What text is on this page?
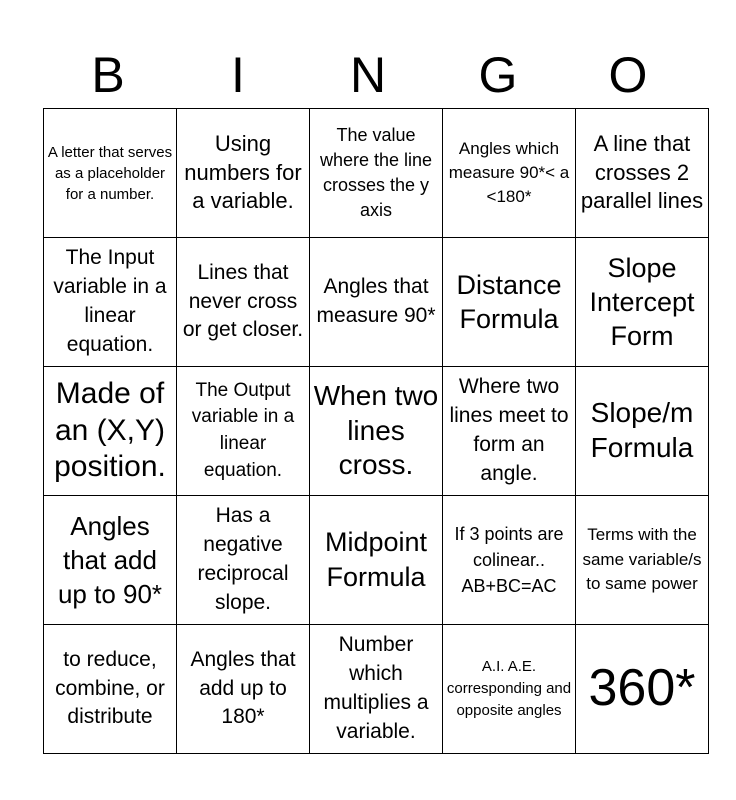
B	I	N	G	O
A letter that serves as a placeholder for a number.	Using numbers for a variable.	The value where the line crosses the y axis	Angles which measure 90*< a <180*	A line that crosses 2 parallel lines

The Input variable in a linear equation.	Lines that never cross or get closer.	Angles that measure 90*	Distance Formula	Slope Intercept Form

Made of an (X,Y) position.	The Output variable in a linear equation.	When two lines cross.	Where two lines meet to form an angle.	Slope/m Formula

Angles that add up to 90*	Has a negative reciprocal slope.	Midpoint Formula	If 3 points are colinear.. AB+BC=AC	Terms with the same variable/s to same power

to reduce, combine, or distribute	Angles that add up to 180*	Number which multiplies a variable.	A.I. A.E. corresponding and opposite angles	360*
